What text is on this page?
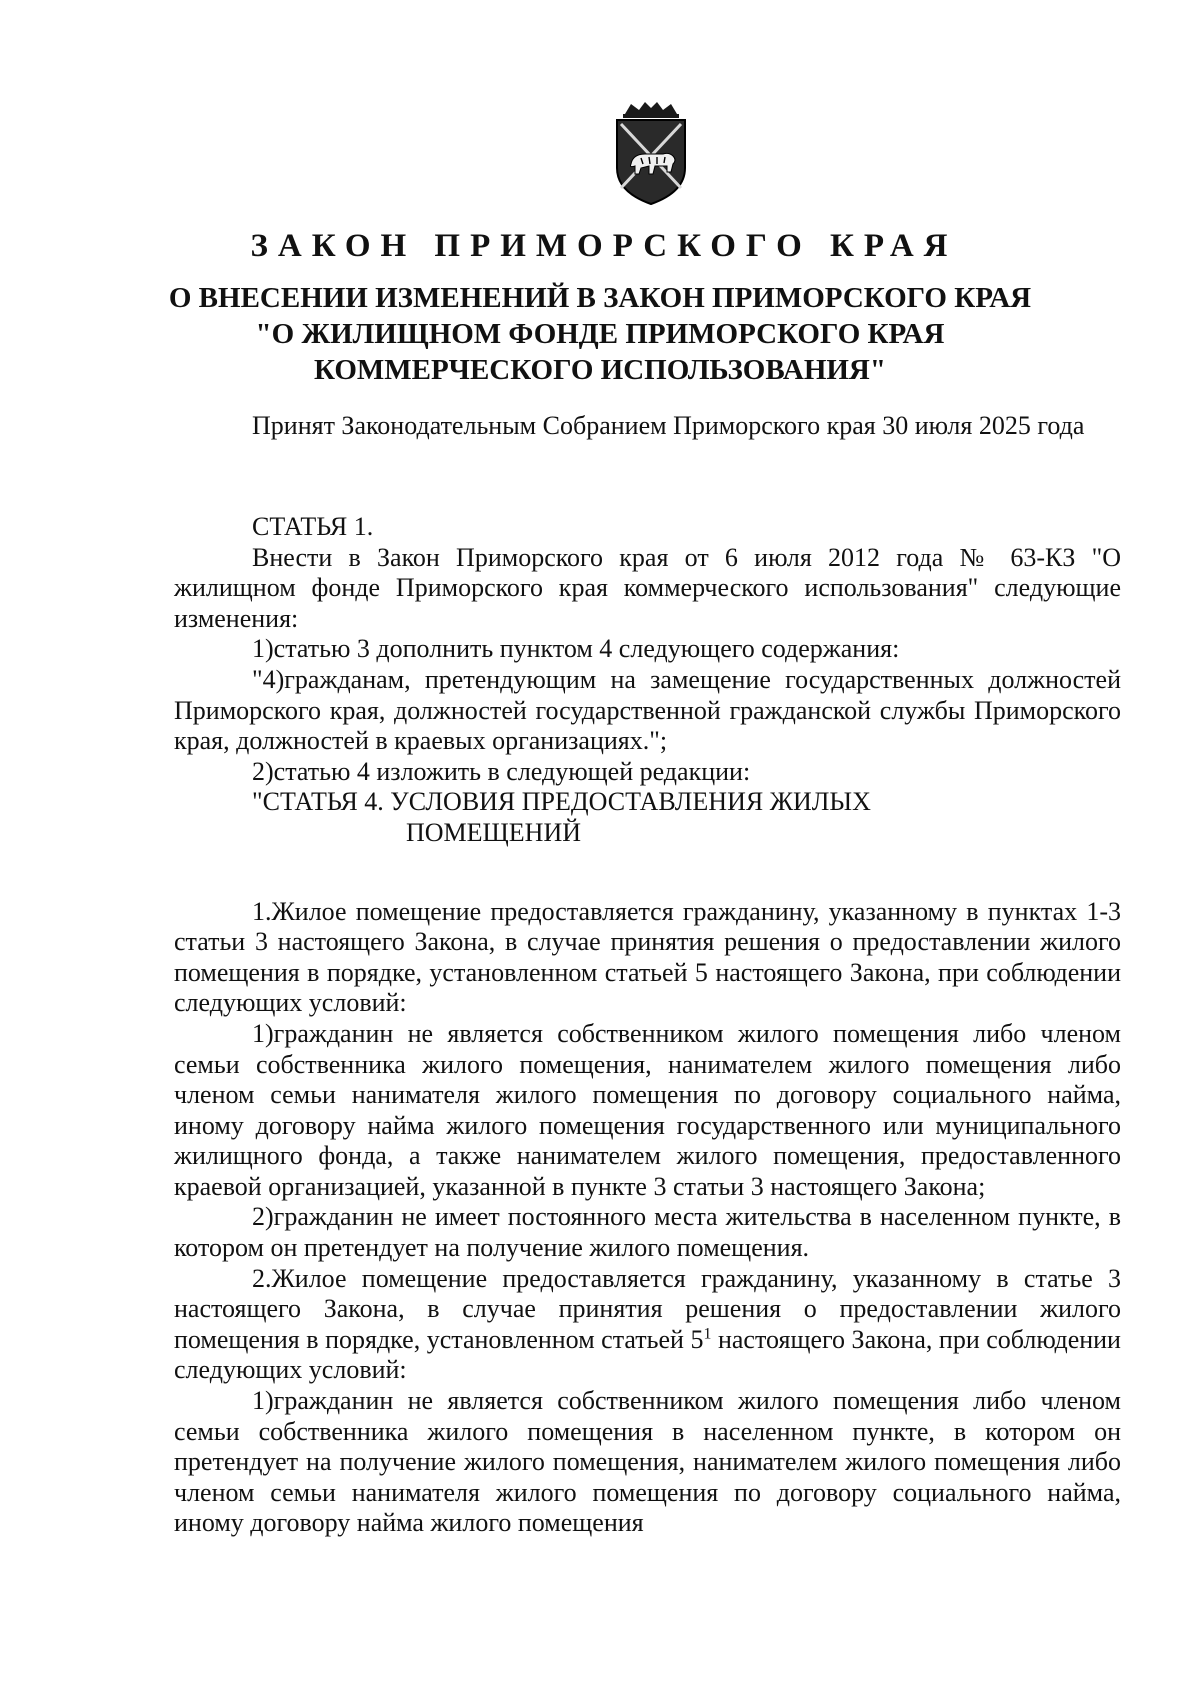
ЗАКОН ПРИМОРСКОГО КРАЯ
О ВНЕСЕНИИ ИЗМЕНЕНИЙ В ЗАКОН ПРИМОРСКОГО КРАЯ
"О ЖИЛИЩНОМ ФОНДЕ ПРИМОРСКОГО КРАЯ
КОММЕРЧЕСКОГО ИСПОЛЬЗОВАНИЯ"

Принят Законодательным Собранием Приморского края 30 июля 2025 года

СТАТЬЯ 1.

Внести в Закон Приморского края от 6 июля 2012 года № 63-КЗ "О жилищном фонде Приморского края коммерческого использования" следующие изменения:

1)статью 3 дополнить пунктом 4 следующего содержания:

"4)гражданам, претендующим на замещение государственных должностей Приморского края, должностей государственной гражданской службы Приморского края, должностей в краевых организациях.";

2)статью 4 изложить в следующей редакции:

"СТАТЬЯ 4. УСЛОВИЯ ПРЕДОСТАВЛЕНИЯ ЖИЛЫХ
ПОМЕЩЕНИЙ

1.Жилое помещение предоставляется гражданину, указанному в пунктах 1-3 статьи 3 настоящего Закона, в случае принятия решения о предоставлении жилого помещения в порядке, установленном статьей 5 настоящего Закона, при соблюдении следующих условий:

1)гражданин не является собственником жилого помещения либо членом семьи собственника жилого помещения, нанимателем жилого помещения либо членом семьи нанимателя жилого помещения по договору социального найма, иному договору найма жилого помещения государственного или муниципального жилищного фонда, а также нанимателем жилого помещения, предоставленного краевой организацией, указанной в пункте 3 статьи 3 настоящего Закона;

2)гражданин не имеет постоянного места жительства в населенном пункте, в котором он претендует на получение жилого помещения.

2.Жилое помещение предоставляется гражданину, указанному в статье 3 настоящего Закона, в случае принятия решения о предоставлении жилого помещения в порядке, установленном статьей $5^1$ настоящего Закона, при соблюдении следующих условий:

1)гражданин не является собственником жилого помещения либо членом семьи собственника жилого помещения в населенном пункте, в котором он претендует на получение жилого помещения, нанимателем жилого помещения либо членом семьи нанимателя жилого помещения по договору социального найма, иному договору найма жилого помещения
